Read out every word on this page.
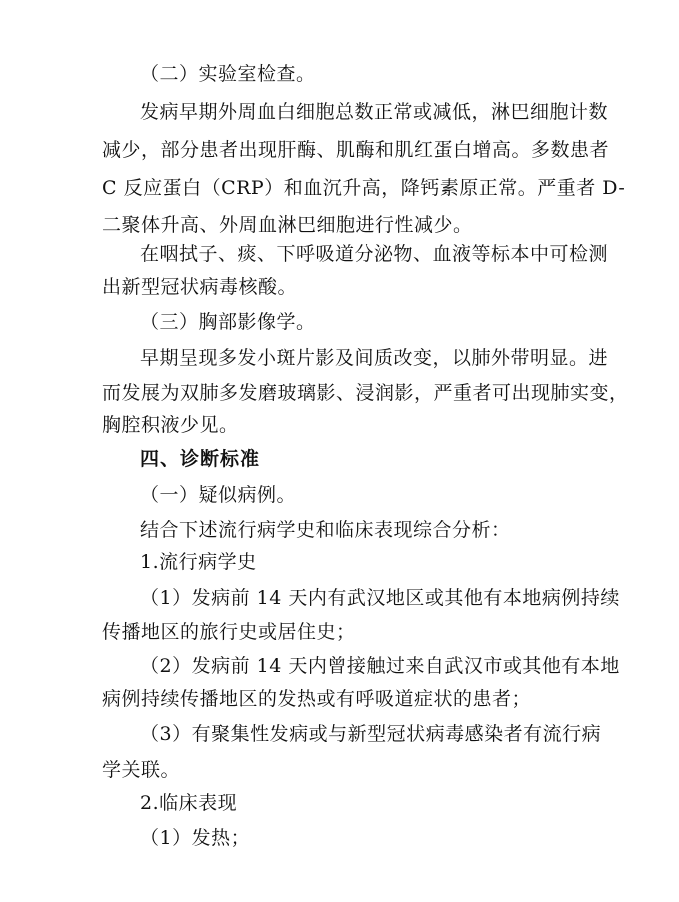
（二）实验室检查。
发病早期外周血白细胞总数正常或减低，淋巴细胞计数
减少，部分患者出现肝酶、肌酶和肌红蛋白增高。多数患者
C 反应蛋白（CRP）和血沉升高，降钙素原正常。严重者 D-
二聚体升高、外周血淋巴细胞进行性减少。
在咽拭子、痰、下呼吸道分泌物、血液等标本中可检测
出新型冠状病毒核酸。
（三）胸部影像学。
早期呈现多发小斑片影及间质改变，以肺外带明显。进
而发展为双肺多发磨玻璃影、浸润影，严重者可出现肺实变，
胸腔积液少见。
四、诊断标准
（一）疑似病例。
结合下述流行病学史和临床表现综合分析：
1.流行病学史
（1）发病前 14 天内有武汉地区或其他有本地病例持续
传播地区的旅行史或居住史；
（2）发病前 14 天内曾接触过来自武汉市或其他有本地
病例持续传播地区的发热或有呼吸道症状的患者；
（3）有聚集性发病或与新型冠状病毒感染者有流行病
学关联。
2.临床表现
（1）发热；
